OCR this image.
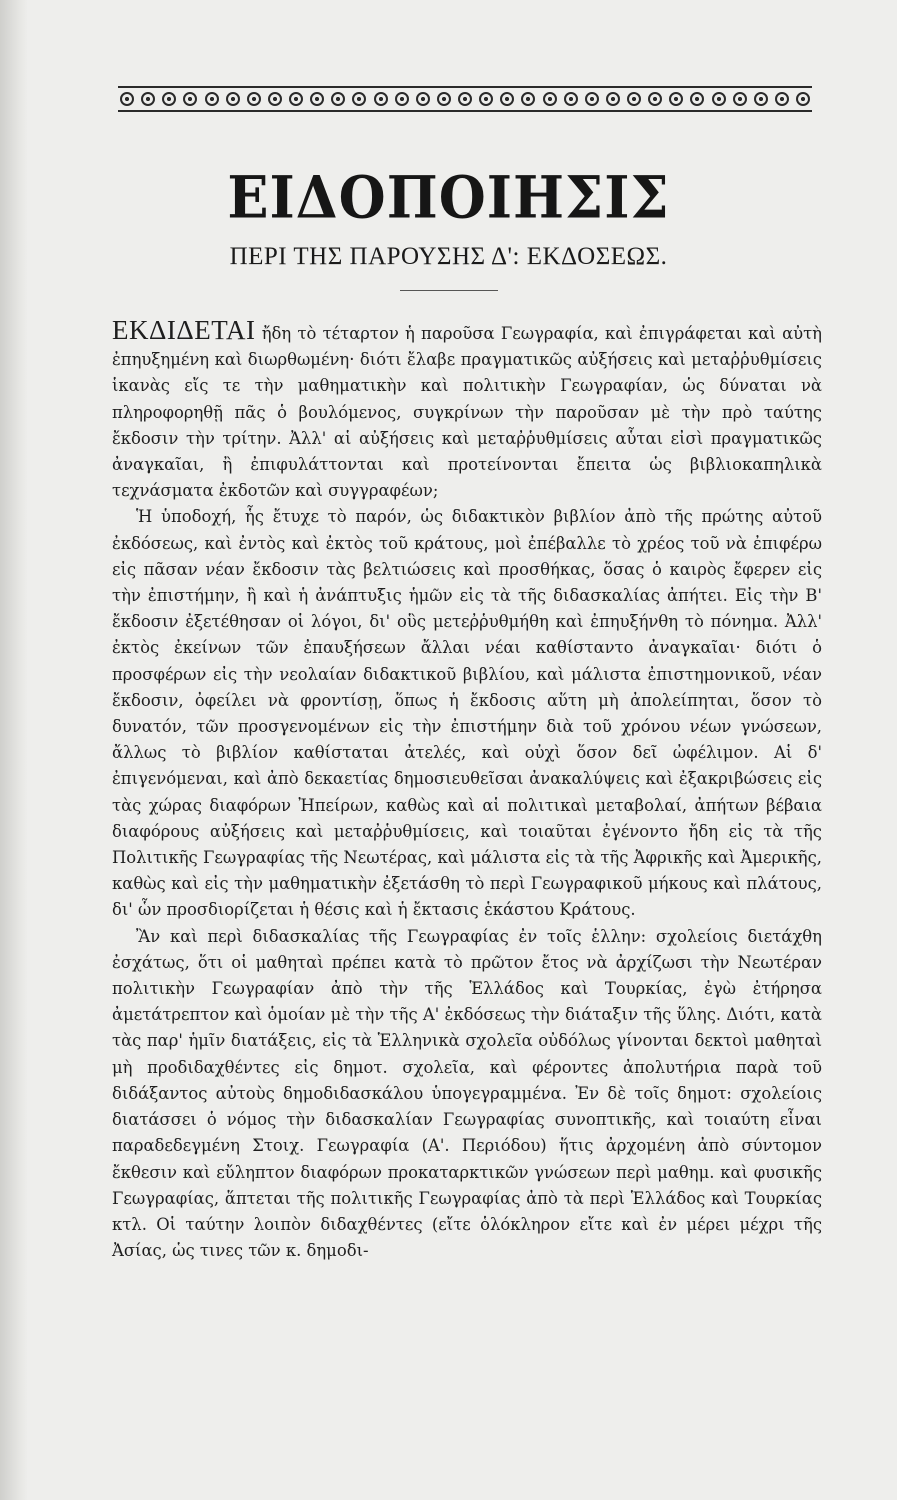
ΕΙΔΟΠΟΙΗΣΙΣ
ΠΕΡΙ ΤΗΣ ΠΑΡΟΥΣΗΣ Δ': ΕΚΔΟΣΕΩΣ.

ΕΚΔΙΔΕΤΑΙ ἤδη τὸ τέταρτον ἡ παροῦσα Γεωγραφία, καὶ ἐπιγράφεται καὶ αὐτὴ ἐπηυξημένη καὶ διωρθωμένη· διότι ἔλαβε πραγματικῶς αὐξήσεις καὶ μεταῤῥυθμίσεις ἱκανὰς εἴς τε τὴν μαθηματικὴν καὶ πολιτικὴν Γεωγραφίαν, ὡς δύναται νὰ πληροφορηθῇ πᾶς ὁ βουλόμενος, συγκρίνων τὴν παροῦσαν μὲ τὴν πρὸ ταύτης ἔκδοσιν τὴν τρίτην. Ἀλλ' αἱ αὐξήσεις καὶ μεταῤῥυθμίσεις αὗται εἰσὶ πραγματικῶς ἀναγκαῖαι, ἢ ἐπιφυλάττονται καὶ προτείνονται ἔπειτα ὡς βιβλιοκαπηλικὰ τεχνάσματα ἐκδοτῶν καὶ συγγραφέων;

Ἡ ὑποδοχή, ἧς ἔτυχε τὸ παρόν, ὡς διδακτικὸν βιβλίον ἀπὸ τῆς πρώτης αὐτοῦ ἐκδόσεως, καὶ ἐντὸς καὶ ἐκτὸς τοῦ κράτους, μοὶ ἐπέβαλλε τὸ χρέος τοῦ νὰ ἐπιφέρω εἰς πᾶσαν νέαν ἔκδοσιν τὰς βελτιώσεις καὶ προσθήκας, ὅσας ὁ καιρὸς ἔφερεν εἰς τὴν ἐπιστήμην, ἢ καὶ ἡ ἀνάπτυξις ἡμῶν εἰς τὰ τῆς διδασκαλίας ἀπήτει. Εἰς τὴν Β' ἔκδοσιν ἐξετέθησαν οἱ λόγοι, δι' οὓς μετεῤῥυθμήθη καὶ ἐπηυξήνθη τὸ πόνημα. Ἀλλ' ἐκτὸς ἐκείνων τῶν ἐπαυξήσεων ἄλλαι νέαι καθίσταντο ἀναγκαῖαι· διότι ὁ προσφέρων εἰς τὴν νεολαίαν διδακτικοῦ βιβλίου, καὶ μάλιστα ἐπιστημονικοῦ, νέαν ἔκδοσιν, ὀφείλει νὰ φροντίσῃ, ὅπως ἡ ἔκδοσις αὕτη μὴ ἀπολείπηται, ὅσον τὸ δυνατόν, τῶν προσγενομένων εἰς τὴν ἐπιστήμην διὰ τοῦ χρόνου νέων γνώσεων, ἄλλως τὸ βιβλίον καθίσταται ἀτελές, καὶ οὐχὶ ὅσον δεῖ ὠφέλιμον. Αἱ δ' ἐπιγενόμεναι, καὶ ἀπὸ δεκαετίας δημοσιευθεῖσαι ἀνακαλύψεις καὶ ἐξακριβώσεις εἰς τὰς χώρας διαφόρων Ἠπείρων, καθὼς καὶ αἱ πολιτικαὶ μεταβολαί, ἀπήτων βέβαια διαφόρους αὐξήσεις καὶ μεταῤῥυθμίσεις, καὶ τοιαῦται ἐγένοντο ἤδη εἰς τὰ τῆς Πολιτικῆς Γεωγραφίας τῆς Νεωτέρας, καὶ μάλιστα εἰς τὰ τῆς Ἀφρικῆς καὶ Ἀμερικῆς, καθὼς καὶ εἰς τὴν μαθηματικὴν ἐξετάσθη τὸ περὶ Γεωγραφικοῦ μήκους καὶ πλάτους, δι' ὧν προσδιορίζεται ἡ θέσις καὶ ἡ ἔκτασις ἑκάστου Κράτους.

Ἂν καὶ περὶ διδασκαλίας τῆς Γεωγραφίας ἐν τοῖς ἑλλην: σχολείοις διετάχθη ἐσχάτως, ὅτι οἱ μαθηταὶ πρέπει κατὰ τὸ πρῶτον ἔτος νὰ ἀρχίζωσι τὴν Νεωτέραν πολιτικὴν Γεωγραφίαν ἀπὸ τὴν τῆς Ἑλλάδος καὶ Τουρκίας, ἐγὼ ἐτήρησα ἀμετάτρεπτον καὶ ὁμοίαν μὲ τὴν τῆς Α' ἐκδόσεως τὴν διάταξιν τῆς ὕλης. Διότι, κατὰ τὰς παρ' ἡμῖν διατάξεις, εἰς τὰ Ἑλληνικὰ σχολεῖα οὐδόλως γίνονται δεκτοὶ μαθηταὶ μὴ προδιδαχθέντες εἰς δημοτ. σχολεῖα, καὶ φέροντες ἀπολυτήρια παρὰ τοῦ διδάξαντος αὐτοὺς δημοδιδασκάλου ὑπογεγραμμένα. Ἐν δὲ τοῖς δημοτ: σχολείοις διατάσσει ὁ νόμος τὴν διδασκαλίαν Γεωγραφίας συνοπτικῆς, καὶ τοιαύτη εἶναι παραδεδεγμένη Στοιχ. Γεωγραφία (Α'. Περιόδου) ἥτις ἀρχομένη ἀπὸ σύντομον ἔκθεσιν καὶ εὔληπτον διαφόρων προκαταρκτικῶν γνώσεων περὶ μαθημ. καὶ φυσικῆς Γεωγραφίας, ἅπτεται τῆς πολιτικῆς Γεωγραφίας ἀπὸ τὰ περὶ Ἑλλάδος καὶ Τουρκίας κτλ. Οἱ ταύτην λοιπὸν διδαχθέντες (εἴτε ὁλόκληρον εἴτε καὶ ἐν μέρει μέχρι τῆς Ἀσίας, ὡς τινες τῶν κ. δημοδι-
